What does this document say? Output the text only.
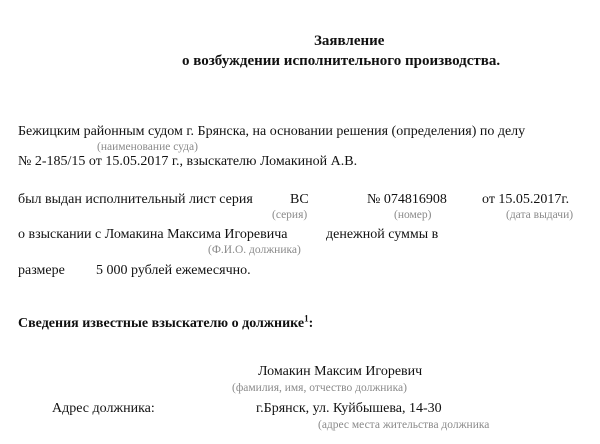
Заявление

о возбуждении исполнительного производства.

Бежицким районным судом г. Брянска, на основании решения (определения) по делу

(наименование суда)

№ 2-185/15 от 15.05.2017 г., взыскателю Ломакиной А.В.

был выдан исполнительный лист серия	ВС	№ 074816908	от 15.05.2017г.

(серия)	(номер)	(дата выдачи)

о взыскании с Ломакина Максима Игоревича	денежной суммы в

(Ф.И.О. должника)

размере 5 000 рублей ежемесячно.

Сведения известные взыскателю о должнике$^1$:

Ломакин Максим Игоревич

(фамилия, имя, отчество должника)

Адрес должника:	г.Брянск, ул. Куйбышева, 14-30

(адрес места жительства должника
